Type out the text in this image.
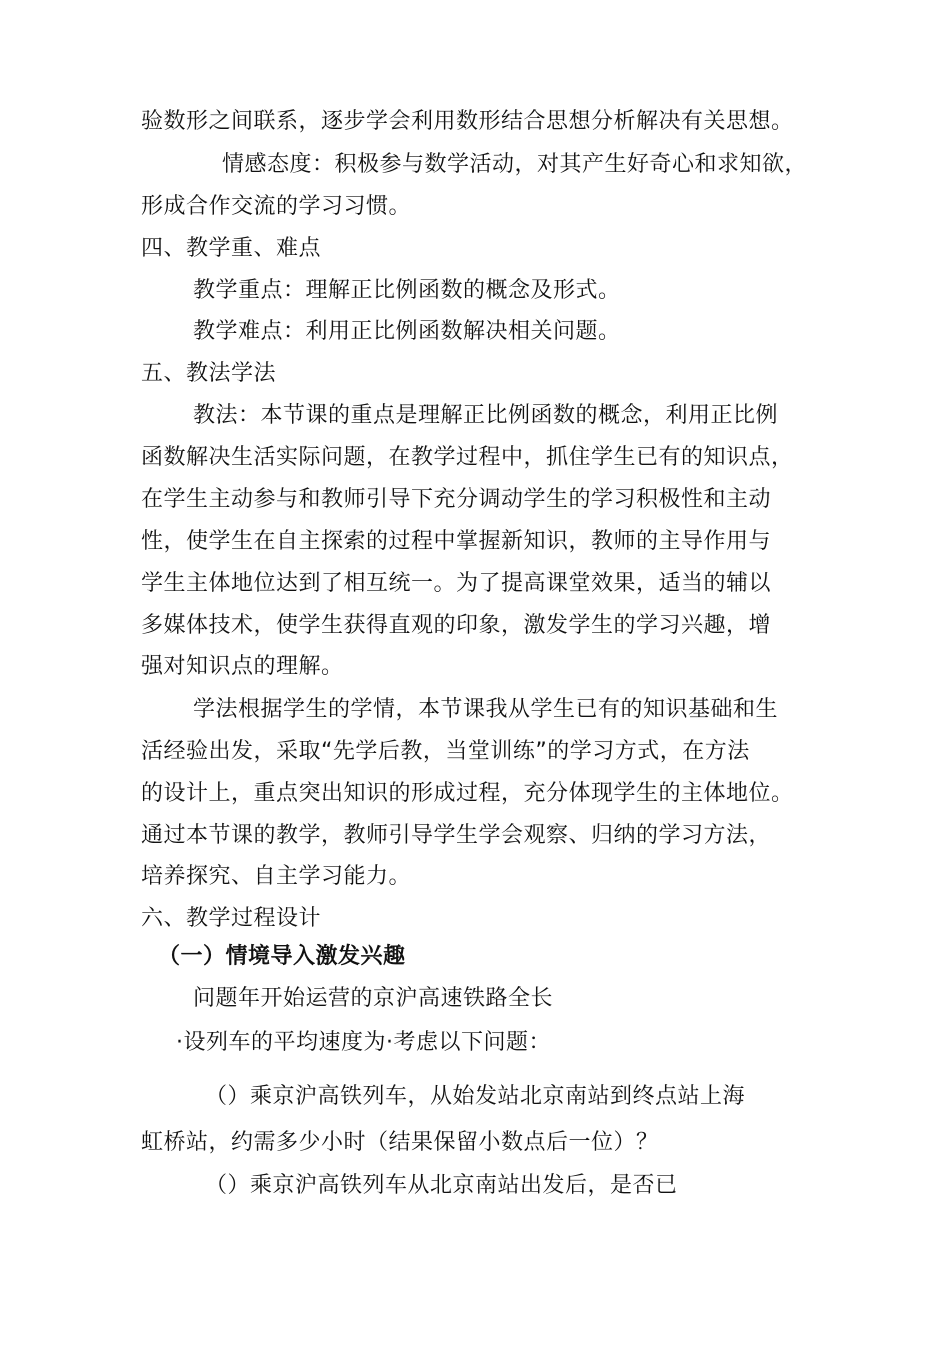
验数形之间联系，逐步学会利用数形结合思想分析解决有关思想。
情感态度：积极参与数学活动，对其产生好奇心和求知欲，
形成合作交流的学习习惯。
四、教学重、难点
教学重点：理解正比例函数的概念及形式。
教学难点：利用正比例函数解决相关问题。
五、教法学法
教法：本节课的重点是理解正比例函数的概念，利用正比例
函数解决生活实际问题，在教学过程中，抓住学生已有的知识点，
在学生主动参与和教师引导下充分调动学生的学习积极性和主动
性，使学生在自主探索的过程中掌握新知识，教师的主导作用与
学生主体地位达到了相互统一。为了提高课堂效果，适当的辅以
多媒体技术，使学生获得直观的印象，激发学生的学习兴趣，增
强对知识点的理解。
学法根据学生的学情，本节课我从学生已有的知识基础和生
活经验出发，采取“先学后教，当堂训练”的学习方式，在方法
的设计上，重点突出知识的形成过程，充分体现学生的主体地位。
通过本节课的教学，教师引导学生学会观察、归纳的学习方法，
培养探究、自主学习能力。
六、教学过程设计
（一）情境导入激发兴趣
问题年开始运营的京沪高速铁路全长
·设列车的平均速度为·考虑以下问题：
（）乘京沪高铁列车，从始发站北京南站到终点站上海
虹桥站，约需多少小时（结果保留小数点后一位）？
（）乘京沪高铁列车从北京南站出发后，是否已
